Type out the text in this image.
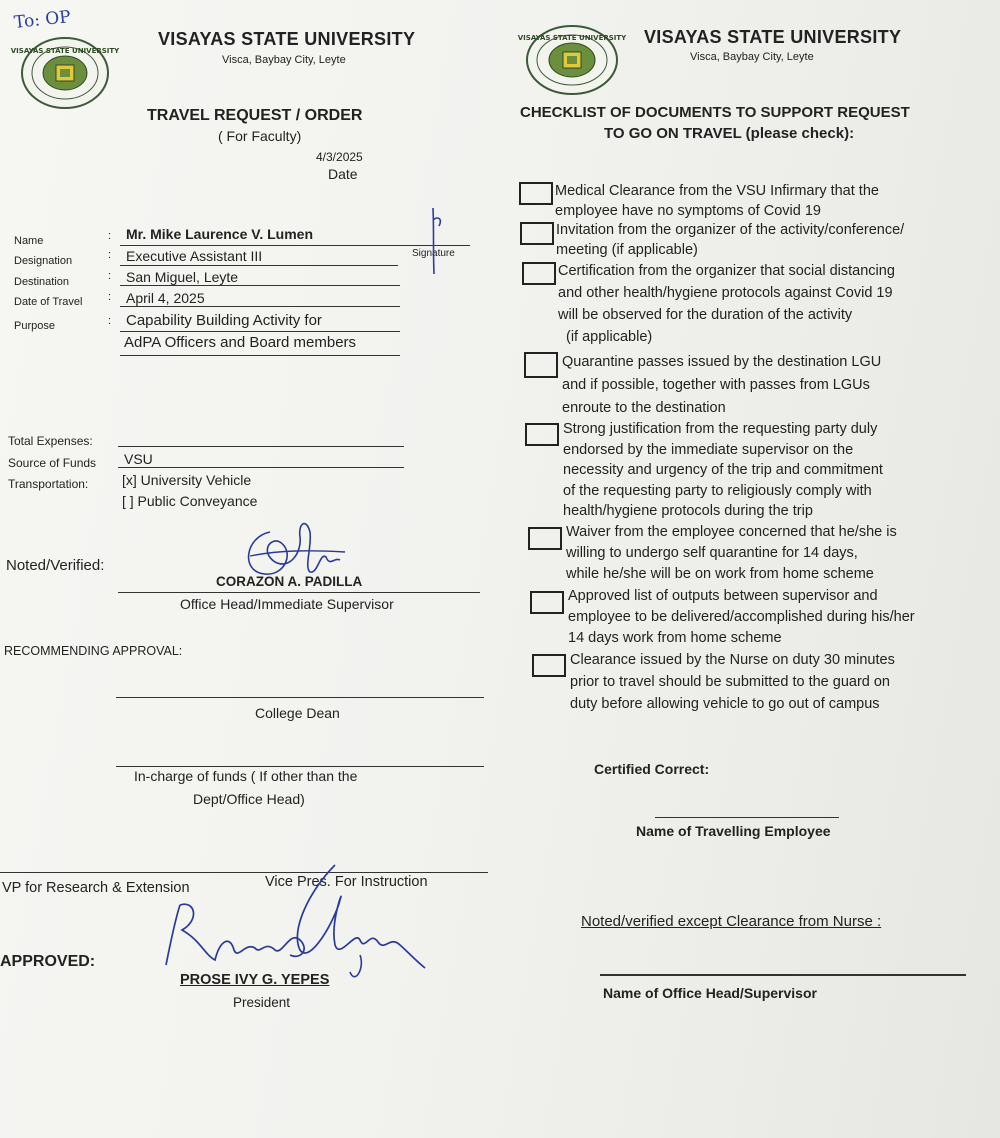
To: OP
VISAYAS STATE UNIVERSITY
VISAYAS STATE UNIVERSITY
VISAYAS STATE UNIVERSITY
Visca, Baybay City, Leyte
VISAYAS STATE UNIVERSITY
Visca, Baybay City, Leyte
TRAVEL REQUEST / ORDER
( For Faculty)
4/3/2025
Date
Name	: Mr. Mike Laurence V. Lumen
Designation	: Executive Assistant III	Signature
Destination	: San Miguel, Leyte
Date of Travel : April 4, 2025
Purpose	: Capability Building Activity for
AdPA Officers and Board members
Total Expenses:
Source of Funds VSU
Transportation: [x] University Vehicle
[ ] Public Conveyance
Noted/Verified:
CORAZON A. PADILLA
Office Head/Immediate Supervisor
RECOMMENDING APPROVAL:
College Dean
In-charge of funds ( If other than the
Dept/Office Head)
VP for Research & Extension	Vice Pres. For Instruction
APPROVED:
PROSE IVY G. YEPES
President
CHECKLIST OF DOCUMENTS TO SUPPORT REQUEST
TO GO ON TRAVEL (please check):
Medical Clearance from the VSU Infirmary that the
employee have no symptoms of Covid 19
Invitation from the organizer of the activity/conference/
meeting (if applicable)
Certification from the organizer that social distancing
and other health/hygiene protocols against Covid 19
will be observed for the duration of the activity
(if applicable)
Quarantine passes issued by the destination LGU
and if possible, together with passes from LGUs
enroute to the destination
Strong justification from the requesting party duly
endorsed by the immediate supervisor on the
necessity and urgency of the trip and commitment
of the requesting party to religiously comply with
health/hygiene protocols during the trip
Waiver from the employee concerned that he/she is
willing to undergo self quarantine for 14 days,
while he/she will be on work from home scheme
Approved list of outputs between supervisor and
employee to be delivered/accomplished during his/her
14 days work from home scheme
Clearance issued by the Nurse on duty 30 minutes
prior to travel should be submitted to the guard on
duty before allowing vehicle to go out of campus
Certified Correct:
Name of Travelling Employee
Noted/verified except Clearance from Nurse :
Name of Office Head/Supervisor
